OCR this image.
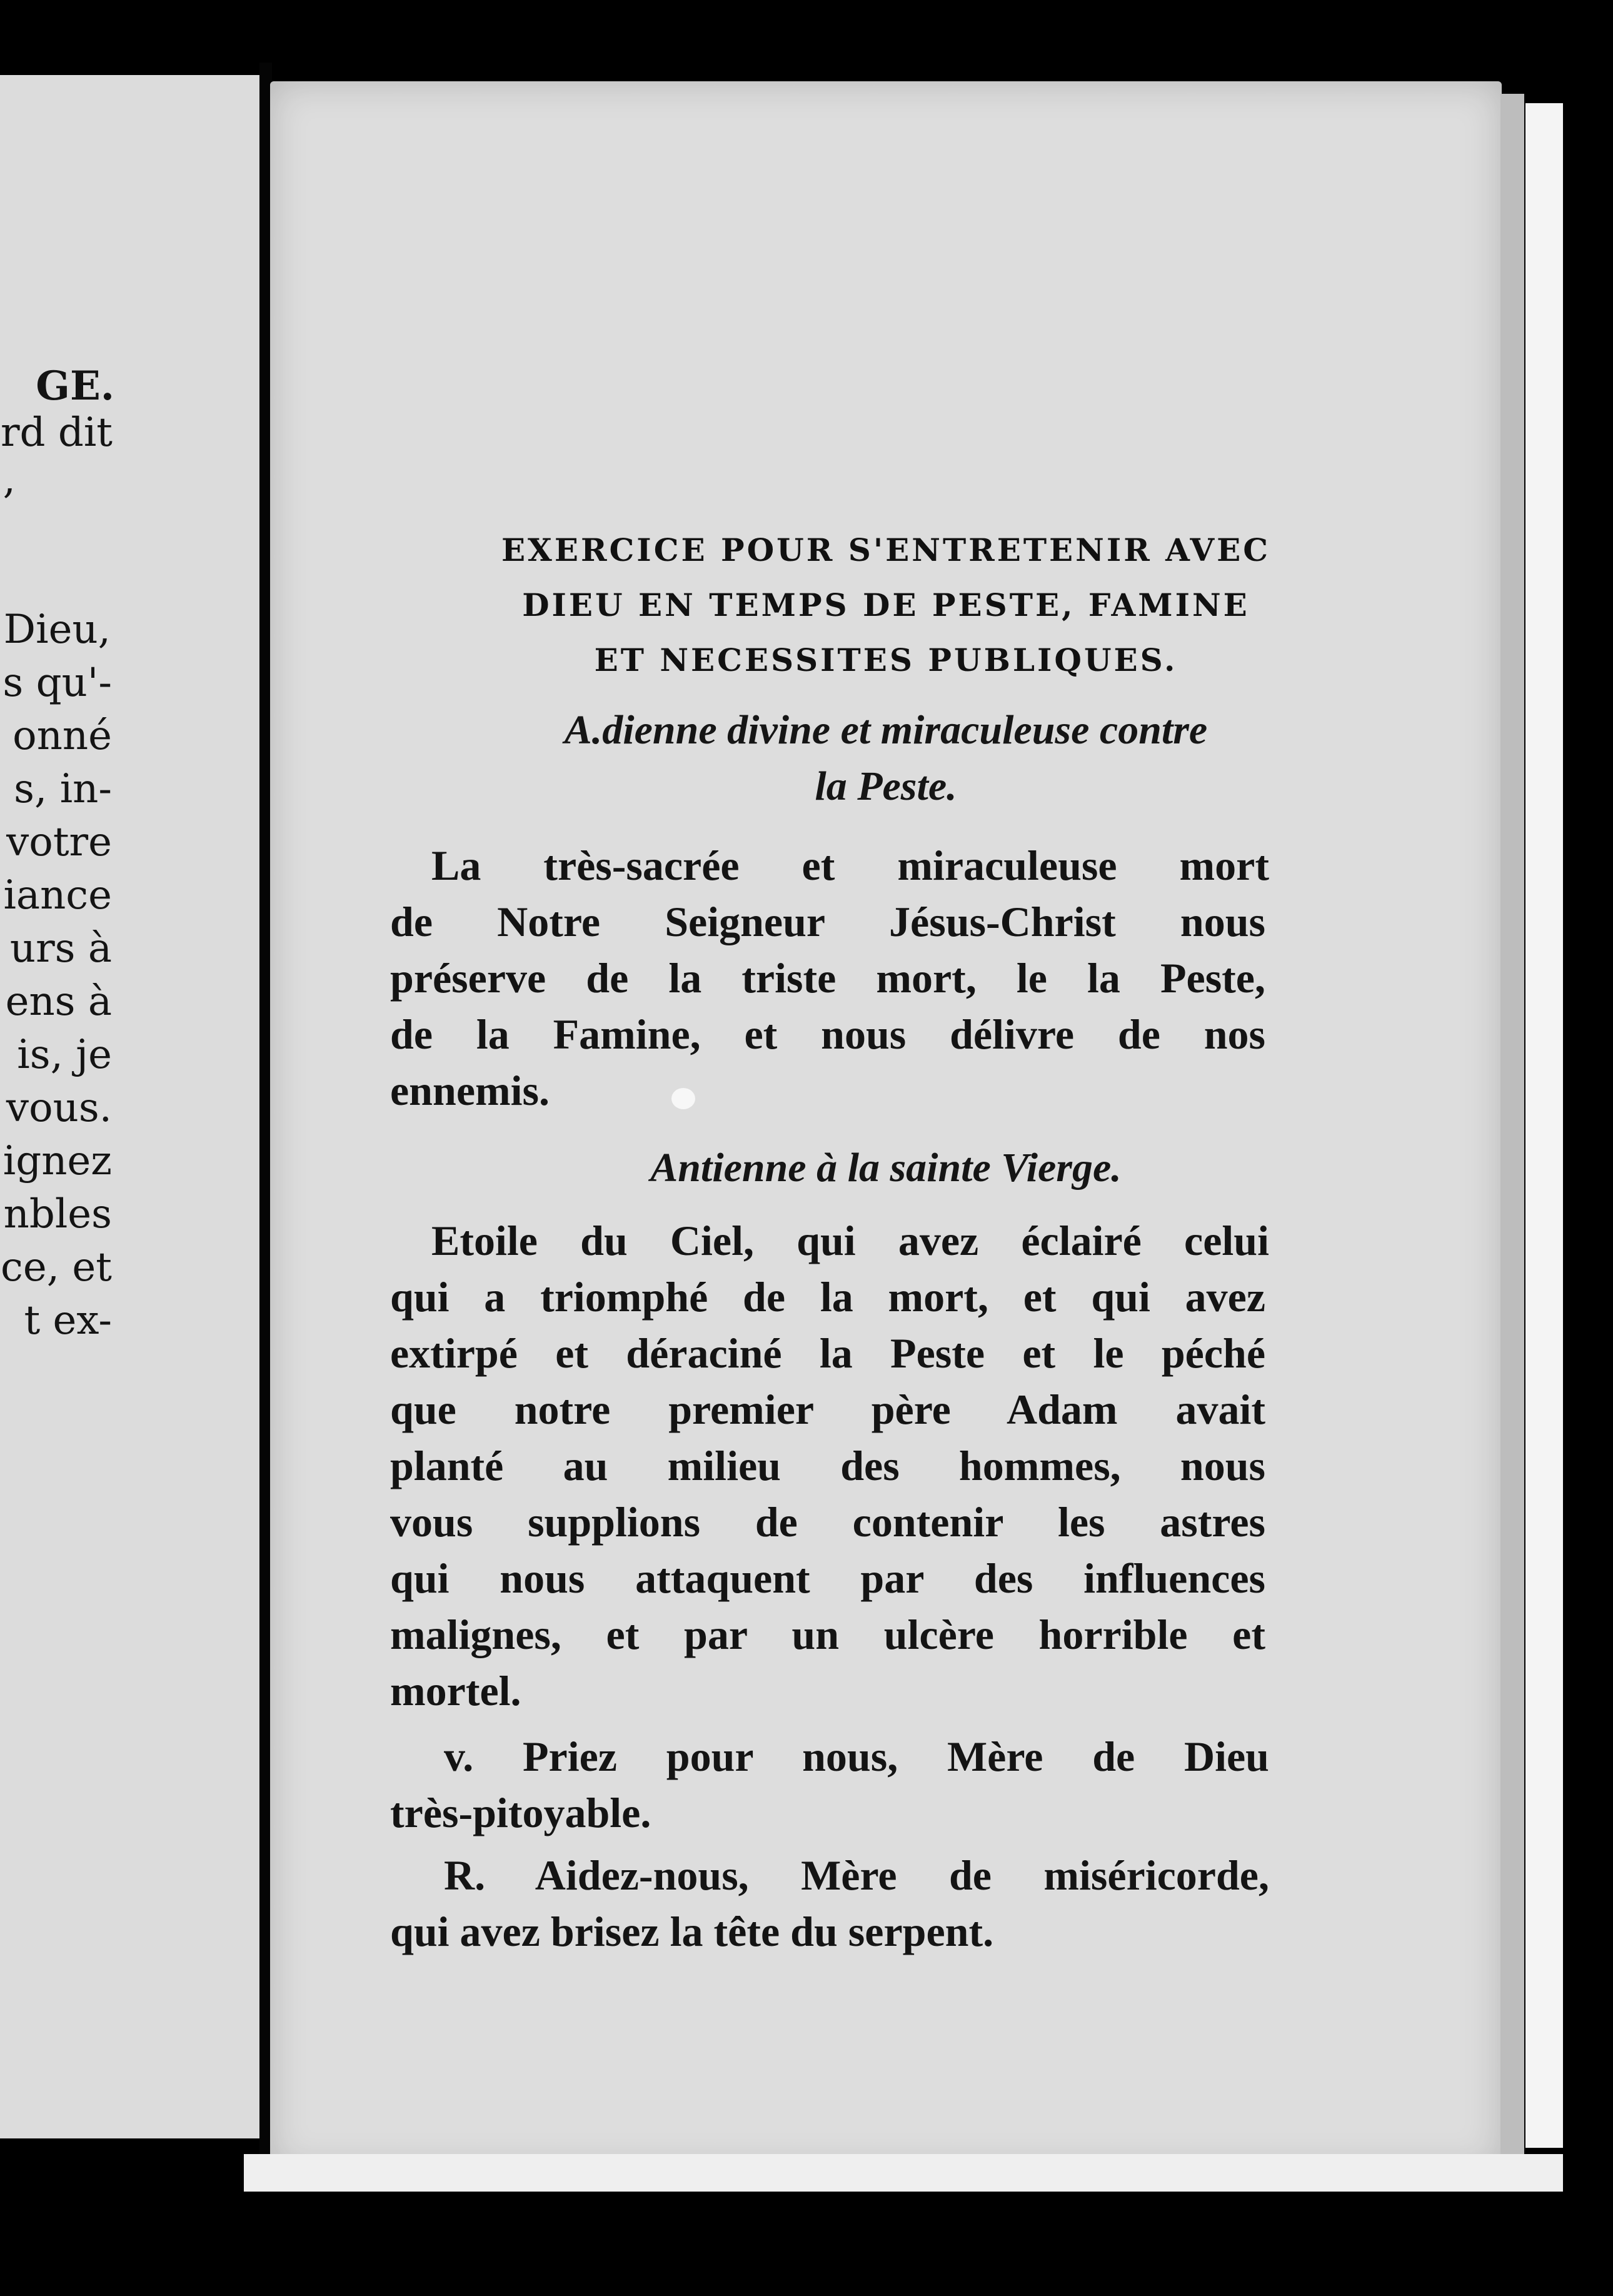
GE.
rd dit
,
Dieu,
s qu'-
onné
s, in-
votre
iance
urs à
ens à
is, je
vous.
ignez
nbles
ce, et
t ex-
EXERCICE POUR S'ENTRETENIR AVEC
DIEU EN TEMPS DE PESTE, FAMINE
ET NECESSITES PUBLIQUES.
A.dienne divine et miraculeuse contre
la Peste.
La très-sacrée et miraculeuse mort
de Notre Seigneur Jésus-Christ nous
préserve de la triste mort, le la Peste,
de la Famine, et nous délivre de nos
ennemis.
Antienne à la sainte Vierge.
Etoile du Ciel, qui avez éclairé celui
qui a triomphé de la mort, et qui avez
extirpé et déraciné la Peste et le péché
que notre premier père Adam avait
planté au milieu des hommes, nous
vous supplions de contenir les astres
qui nous attaquent par des influences
malignes, et par un ulcère horrible et
mortel.
v. Priez pour nous, Mère de Dieu
très-pitoyable.
R. Aidez-nous, Mère de miséricorde,
qui avez brisez la tête du serpent.
